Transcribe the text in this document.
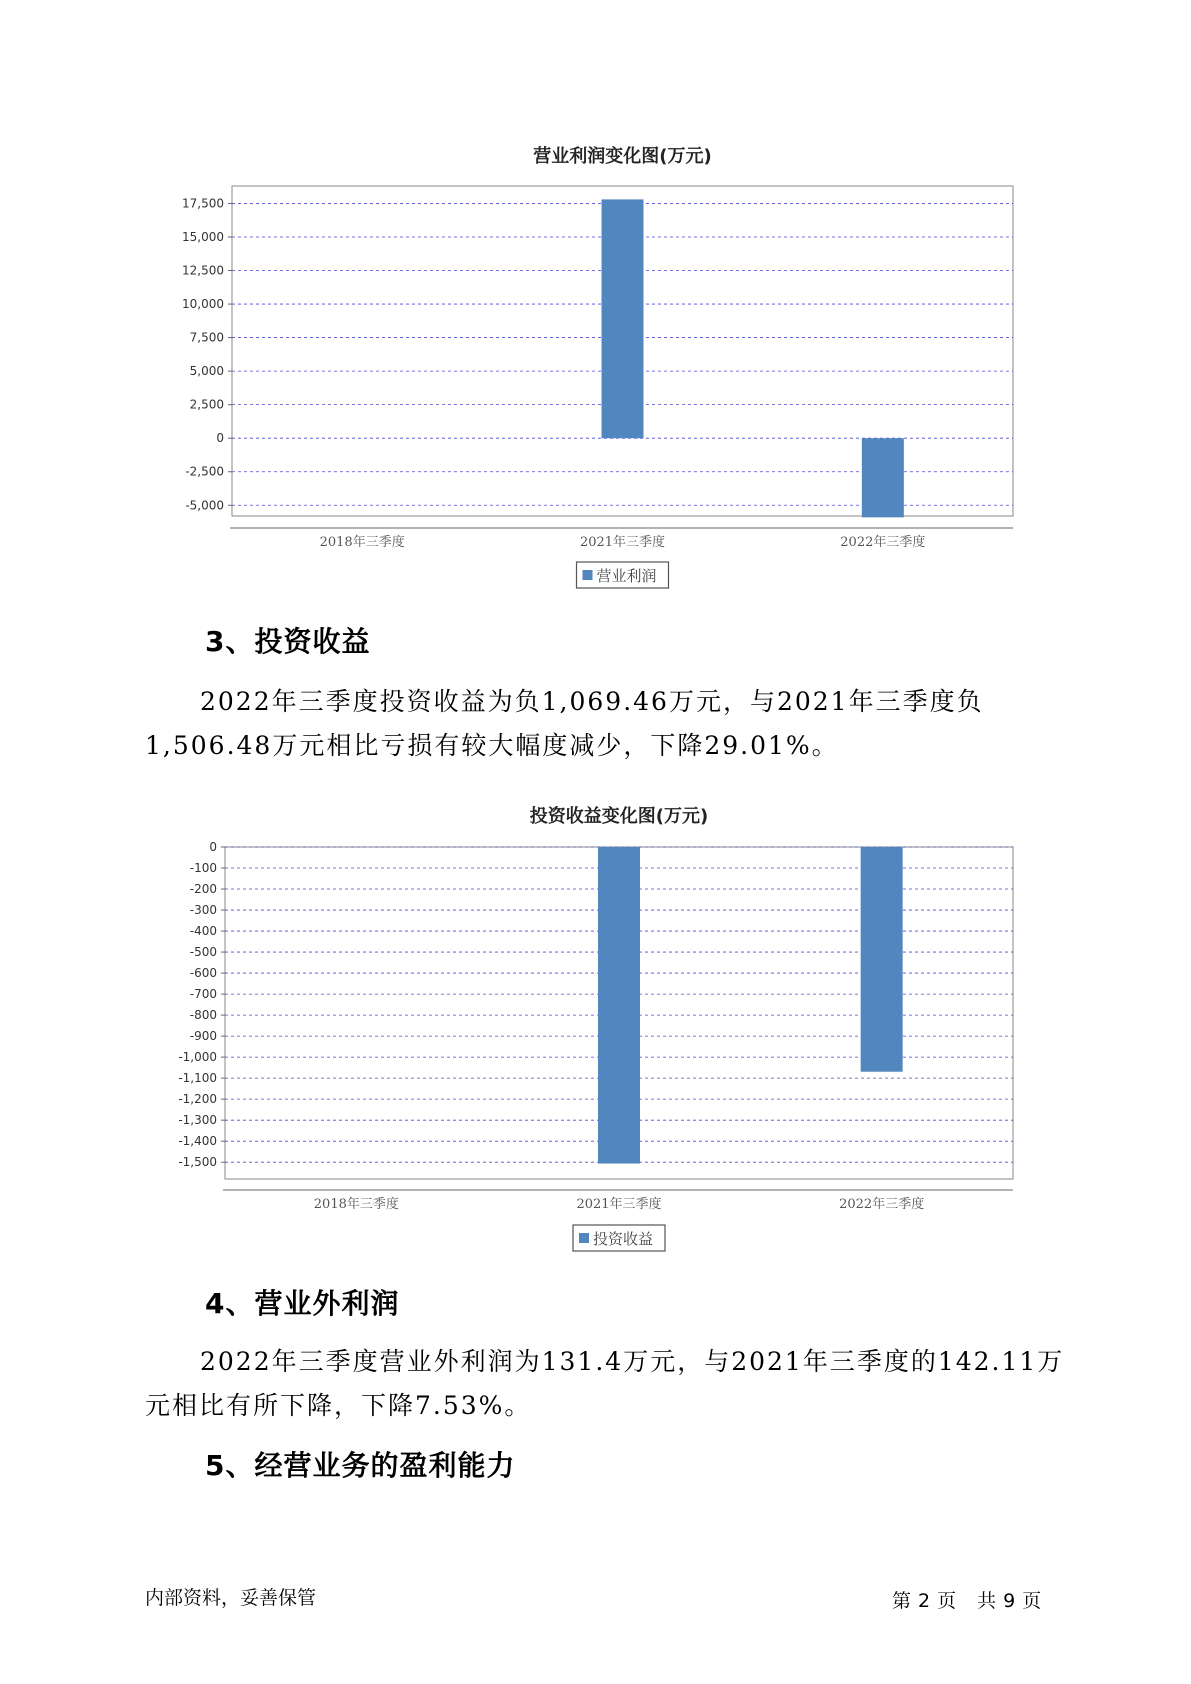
营业利润变化图(万元)
17,500
15,000
12,500
10,000
7,500
5,000
2,500
0
-2,500
-5,000
2018年三季度	2021年三季度	2022年三季度
营业利润
3、投资收益

2022年三季度投资收益为负1,069.46万元，与2021年三季度负1,506.48万元相比亏损有较大幅度减少，下降29.01%。

投资收益变化图(万元)
0
-100
-200
-300
-400
-500
-600
-700
-800
-900
-1,000
-1,100
-1,200
-1,300
-1,400
-1,500
2018年三季度	2021年三季度	2022年三季度
投资收益
4、营业外利润

2022年三季度营业外利润为131.4万元，与2021年三季度的142.11万元相比有所下降，下降7.53%。

5、经营业务的盈利能力
内部资料，妥善保管	第 2 页 共 9 页
